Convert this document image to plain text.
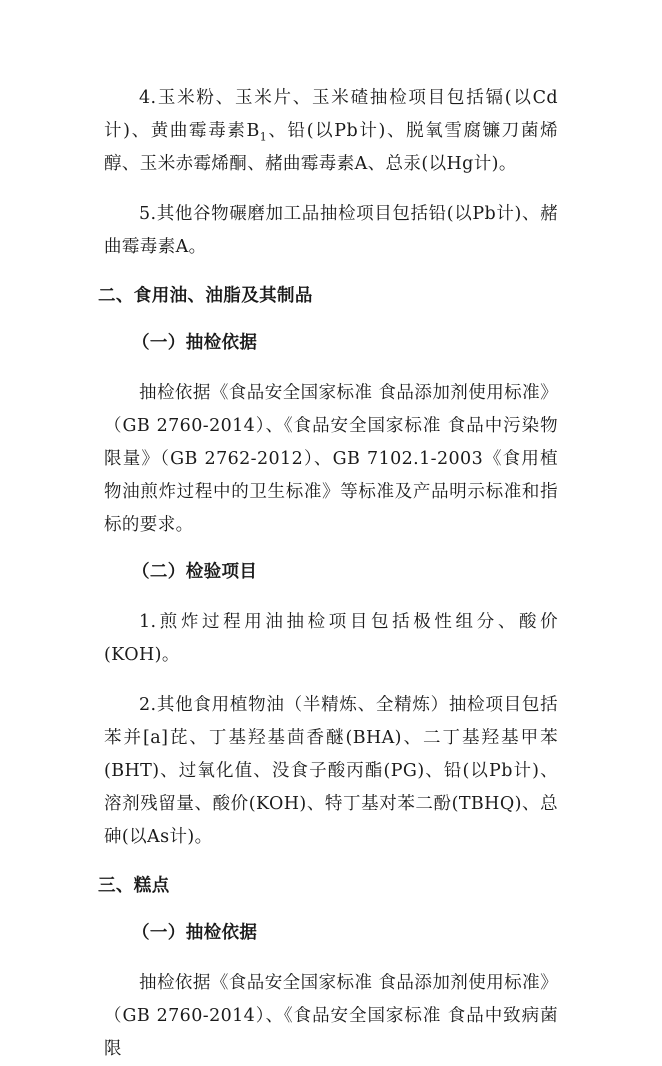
4.玉米粉、玉米片、玉米碴抽检项目包括镉(以Cd计)、黄曲霉毒素$B_1$、铅(以Pb计)、脱氧雪腐镰刀菌烯醇、玉米赤霉烯酮、赭曲霉毒素A、总汞(以Hg计)。

5.其他谷物碾磨加工品抽检项目包括铅(以Pb计)、赭曲霉毒素A。

二、食用油、油脂及其制品
（一）抽检依据

抽检依据《食品安全国家标准 食品添加剂使用标准》（GB 2760-2014）、《食品安全国家标准 食品中污染物限量》（GB 2762-2012）、GB 7102.1-2003《食用植物油煎炸过程中的卫生标准》等标准及产品明示标准和指标的要求。

（二）检验项目

1.煎炸过程用油抽检项目包括极性组分、酸价(KOH)。

2.其他食用植物油（半精炼、全精炼）抽检项目包括苯并[a]芘、丁基羟基茴香醚(BHA)、二丁基羟基甲苯(BHT)、过氧化值、没食子酸丙酯(PG)、铅(以Pb计)、溶剂残留量、酸价(KOH)、特丁基对苯二酚(TBHQ)、总砷(以As计)。

三、糕点
（一）抽检依据

抽检依据《食品安全国家标准 食品添加剂使用标准》（GB 2760-2014）、《食品安全国家标准 食品中致病菌限
